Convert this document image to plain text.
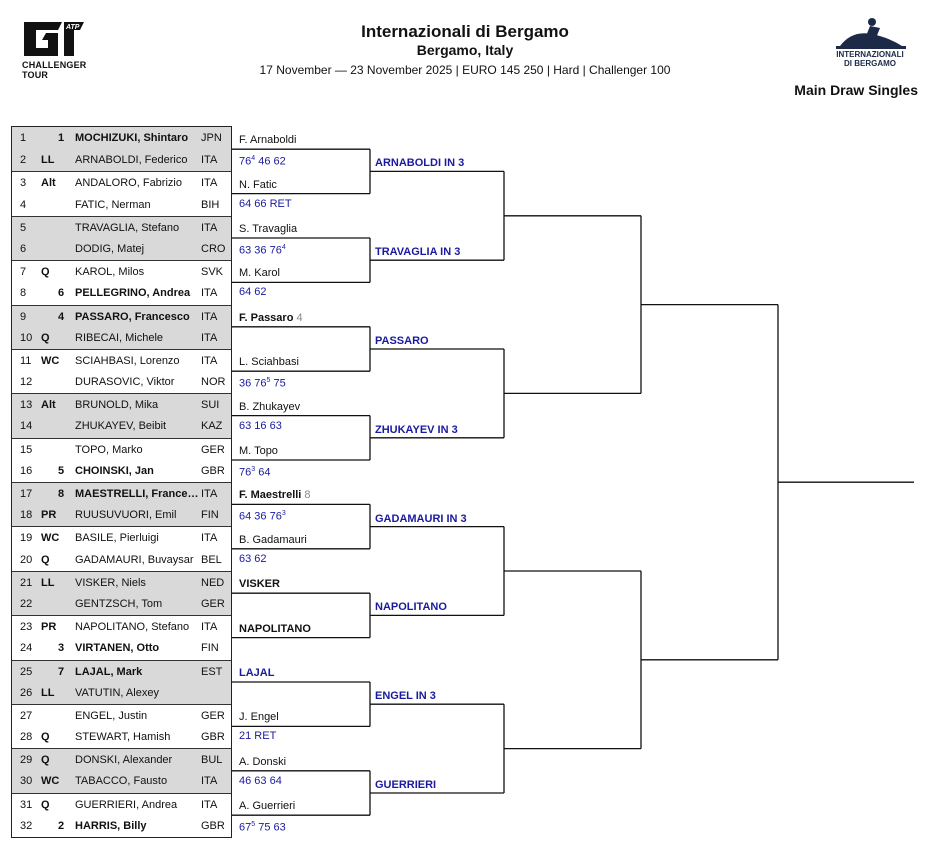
ATP
CHALLENGER TOUR
Internazionali di Bergamo
Bergamo, Italy
17 November — 23 November 2025 | EURO 145 250 | Hard | Challenger 100
INTERNAZIONALI DI BERGAMO
Main Draw Singles
1	1 MOCHIZUKI, Shintaro	JPN
2 LL ARNABOLDI, Federico	ITA
3 Alt ANDALORO, Fabrizio	ITA
4	FATIC, Nerman	BIH
5	TRAVAGLIA, Stefano	ITA
6	DODIG, Matej	CRO
7 Q KAROL, Milos	SVK
8	6 PELLEGRINO, Andrea ITA
9	4 PASSARO, Francesco	ITA
10 Q RIBECAI, Michele	ITA
11 WC SCIAHBASI, Lorenzo	ITA
12	DURASOVIC, Viktor	NOR
13 Alt BRUNOLD, Mika	SUI
14	ZHUKAYEV, Beibit	KAZ
15	TOPO, Marko	GER
16 5 CHOINSKI, Jan	GBR
17 8 MAESTRELLI, France… ITA
18 PR RUUSUVUORI, Emil	FIN
19 WC BASILE, Pierluigi	ITA
20 Q GADAMAURI, Buvaysar BEL
21 LL VISKER, Niels	NED
22	GENTZSCH, Tom	GER
23 PR NAPOLITANO, Stefano	ITA
24 3 VIRTANEN, Otto	FIN
25 7 LAJAL, Mark	EST
26 LL VATUTIN, Alexey
27	ENGEL, Justin	GER
28 Q STEWART, Hamish	GBR
29 Q DONSKI, Alexander	BUL
30 WC TABACCO, Fausto	ITA
31 Q GUERRIERI, Andrea	ITA
32 2 HARRIS, Billy	GBR
F. Arnaboldi
$76^4$ 46 62
N. Fatic
64 66 RET
S. Travaglia
63 36 $76^4$
M. Karol
64 62
F. Passaro 4
L. Sciahbasi
36 $76^5$ 75
B. Zhukayev
63 16 63
M. Topo
$76^3$ 64
F. Maestrelli 8
B. Gadamauri
63 62
VISKER
NAPOLITANO
LAJAL
J. Engel
21 RET
A. Donski
46 63 64
A. Guerrieri
$67^5$ 75 63
64 36 $76^3$
ARNABOLDI IN 3
TRAVAGLIA IN 3
PASSARO
ZHUKAYEV IN 3
GADAMAURI IN 3
NAPOLITANO
ENGEL IN 3
GUERRIERI
